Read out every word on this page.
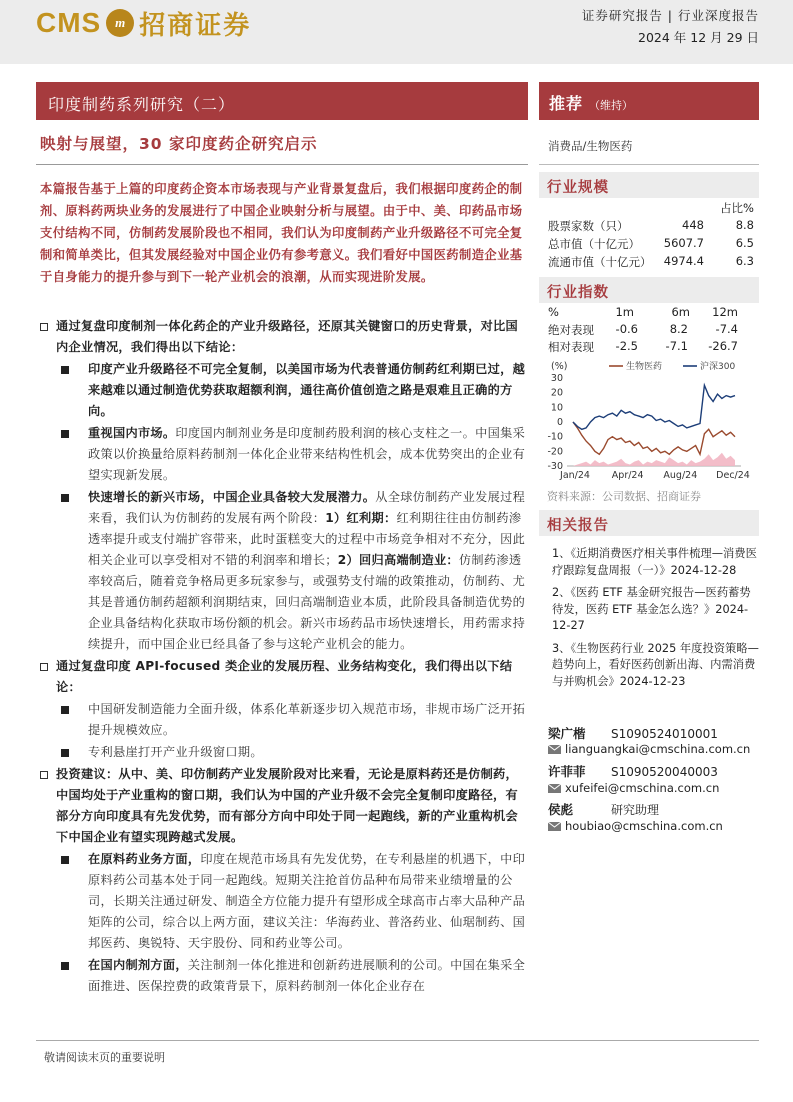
CMS	m 招商证券	证券研究报告 | 行业深度报告
2024 年 12 月 29 日
印度制药系列研究（二）
映射与展望，30 家印度药企研究启示
本篇报告基于上篇的印度药企资本市场表现与产业背景复盘后，我们根据印度药企的制剂、原料药两块业务的发展进行了中国企业映射分析与展望。由于中、美、印药品市场支付结构不同，仿制药发展阶段也不相同，我们认为印度制药产业升级路径不可完全复制和简单类比，但其发展经验对中国企业仍有参考意义。我们看好中国医药制造企业基于自身能力的提升参与到下一轮产业机会的浪潮，从而实现进阶发展。
通过复盘印度制剂一体化药企的产业升级路径，还原其关键窗口的历史背景，对比国内企业情况，我们得出以下结论：
印度产业升级路径不可完全复制，以美国市场为代表普通仿制药红利期已过，越来越难以通过制造优势获取超额利润，通往高价值创造之路是艰难且正确的方向。
重视国内市场。印度国内制剂业务是印度制药股利润的核心支柱之一。中国集采政策以价换量给原料药制剂一体化企业带来结构性机会，成本优势突出的企业有望实现新发展。
快速增长的新兴市场，中国企业具备较大发展潜力。从全球仿制药产业发展过程来看，我们认为仿制药的发展有两个阶段：1）红利期：红利期往往由仿制药渗透率提升或支付端扩容带来，此时蛋糕变大的过程中市场竞争相对不充分，因此相关企业可以享受相对不错的利润率和增长；2）回归高端制造业：仿制药渗透率较高后，随着竞争格局更多玩家参与，或强势支付端的政策推动，仿制药、尤其是普通仿制药超额利润期结束，回归高端制造业本质，此阶段具备制造优势的企业具备结构化获取市场份额的机会。新兴市场药品市场快速增长，用药需求持续提升，而中国企业已经具备了参与这轮产业机会的能力。
通过复盘印度 API-focused 类企业的发展历程、业务结构变化，我们得出以下结论：
中国研发制造能力全面升级，体系化革新逐步切入规范市场，非规市场广泛开拓提升规模效应。
专利悬崖打开产业升级窗口期。
投资建议：从中、美、印仿制药产业发展阶段对比来看，无论是原料药还是仿制药，中国均处于产业重构的窗口期，我们认为中国的产业升级不会完全复制印度路径，有部分方向印度具有先发优势，而有部分方向中印处于同一起跑线，新的产业重构机会下中国企业有望实现跨越式发展。
在原料药业务方面，印度在规范市场具有先发优势，在专利悬崖的机遇下，中印原料药公司基本处于同一起跑线。短期关注抢首仿品种布局带来业绩增量的公司，长期关注通过研发、制造全方位能力提升有望形成全球高市占率大品种产品矩阵的公司，综合以上两方面，建议关注：华海药业、普洛药业、仙琚制药、国邦医药、奥锐特、天宇股份、同和药业等公司。
在国内制剂方面，关注制剂一体化推进和创新药进展顺利的公司。中国在集采全面推进、医保控费的政策背景下，原料药制剂一体化企业存在
推荐 （维持）
消费品/生物医药
行业规模
占比%
股票家数（只）	448	8.8
总市值（十亿元） 5607.7	6.5
流通市值（十亿元） 4974.4	6.3
行业指数
%	1m	6m 12m
绝对表现 -0.6	8.2 -7.4
相对表现 -2.5 -7.1 -26.7
(%)
30
20
10
0
-10
-20
-30
Jan/24 Apr/24 Aug/24 Dec/24
生物医药	沪深300
资料来源：公司数据、招商证券
相关报告
1、《近期消费医疗相关事件梳理—消费医疗跟踪复盘周报（一）》2024-12-28
2、《医药 ETF 基金研究报告—医药蓄势待发，医药 ETF 基金怎么选？》2024-12-27
3、《生物医药行业 2025 年度投资策略—趋势向上，看好医药创新出海、内需消费与并购机会》2024-12-23
梁广楷 S1090524010001
lianguangkai@cmschina.com.cn
许菲菲 S1090520040003
xufeifei@cmschina.com.cn
侯彪	研究助理
houbiao@cmschina.com.cn
敬请阅读末页的重要说明
